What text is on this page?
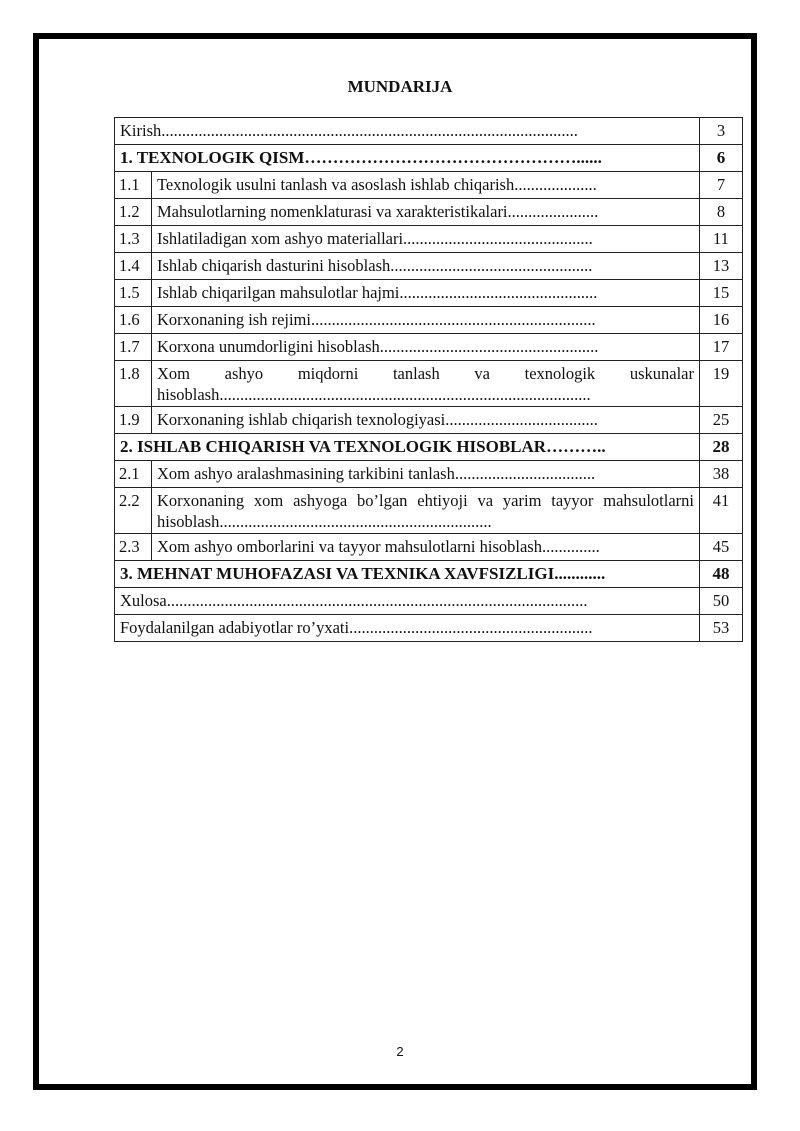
MUNDARIJA
Kirish.....................................................................................................		3
1. TEXNOLOGIK QISM…………………………………………......		6
1.1	Texnologik usulni tanlash va asoslash ishlab chiqarish....................	7
1.2	Mahsulotlarning nomenklaturasi va xarakteristikalari......................	8
1.3	Ishlatiladigan xom ashyo materiallari..............................................	11
1.4	Ishlab chiqarish dasturini hisoblash.................................................	13
1.5	Ishlab chiqarilgan mahsulotlar hajmi................................................	15
1.6	Korxonaning ish rejimi.....................................................................	16
1.7	Korxona unumdorligini hisoblash.....................................................	17
1.8	Xom ashyo miqdorni tanlash va texnologik uskunalar hisoblash..........................................................................................	19
1.9	Korxonaning ishlab chiqarish texnologiyasi.....................................	25
2. ISHLAB CHIQARISH VA TEXNOLOGIK HISOBLAR………..		28
2.1	Xom ashyo aralashmasining tarkibini tanlash..................................	38
2.2	Korxonaning xom ashyoga bo’lgan ehtiyoji va yarim tayyor mahsulotlarni hisoblash..................................................................	41
2.3	Xom ashyo omborlarini va tayyor mahsulotlarni hisoblash..............	45
3. MEHNAT MUHOFAZASI VA TEXNIKA XAVFSIZLIGI............		48
Xulosa......................................................................................................		50
Foydalanilgan adabiyotlar ro’yxati...........................................................		53
2
